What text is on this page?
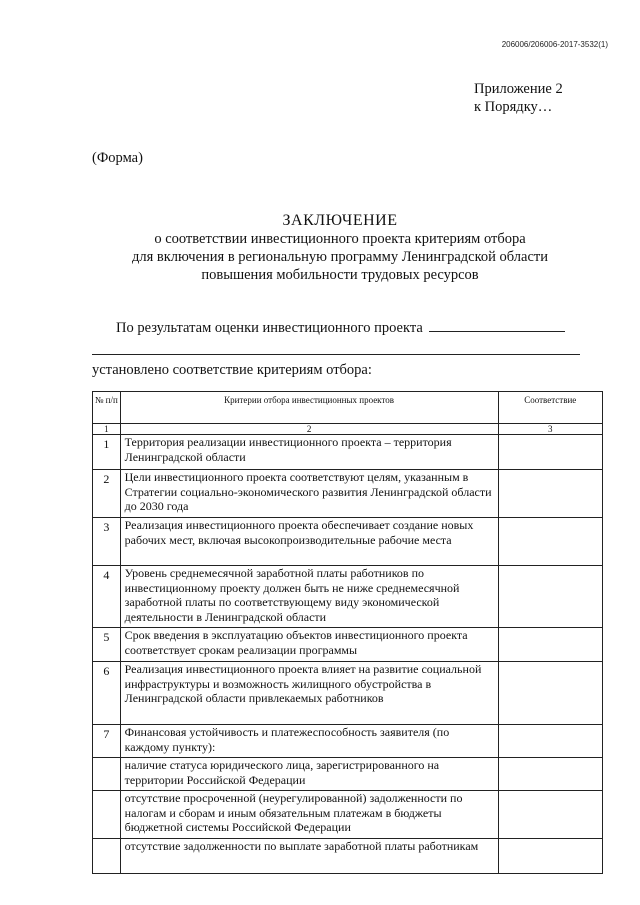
206006/206006-2017-3532(1)
Приложение 2
к Порядку…
(Форма)
ЗАКЛЮЧЕНИЕ
о соответствии инвестиционного проекта критериям отбора
для включения в региональную программу Ленинградской области
повышения мобильности трудовых ресурсов
По результатам оценки инвестиционного проекта
установлено соответствие критериям отбора:
№ п/п	Критерии отбора инвестиционных проектов	Соответствие
1	2	3
1	Территория реализации инвестиционного проекта – территория Ленинградской области	
2	Цели инвестиционного проекта соответствуют целям, указанным в Стратегии социально-экономического развития Ленинградской области до 2030 года	
3	Реализация инвестиционного проекта обеспечивает создание новых рабочих мест, включая высокопроизводительные рабочие места	
4	Уровень среднемесячной заработной платы работников по инвестиционному проекту должен быть не ниже среднемесячной заработной платы по соответствующему виду экономической деятельности в Ленинградской области	
5	Срок введения в эксплуатацию объектов инвестиционного проекта соответствует срокам реализации программы	
6	Реализация инвестиционного проекта влияет на развитие социальной инфраструктуры и возможность жилищного обустройства в Ленинградской области привлекаемых работников	
7	Финансовая устойчивость и платежеспособность заявителя (по каждому пункту):	
	наличие статуса юридического лица, зарегистрированного на территории Российской Федерации	
	отсутствие просроченной (неурегулированной) задолженности по налогам и сборам и иным обязательным платежам в бюджеты бюджетной системы Российской Федерации	
	отсутствие задолженности по выплате заработной платы работникам	
